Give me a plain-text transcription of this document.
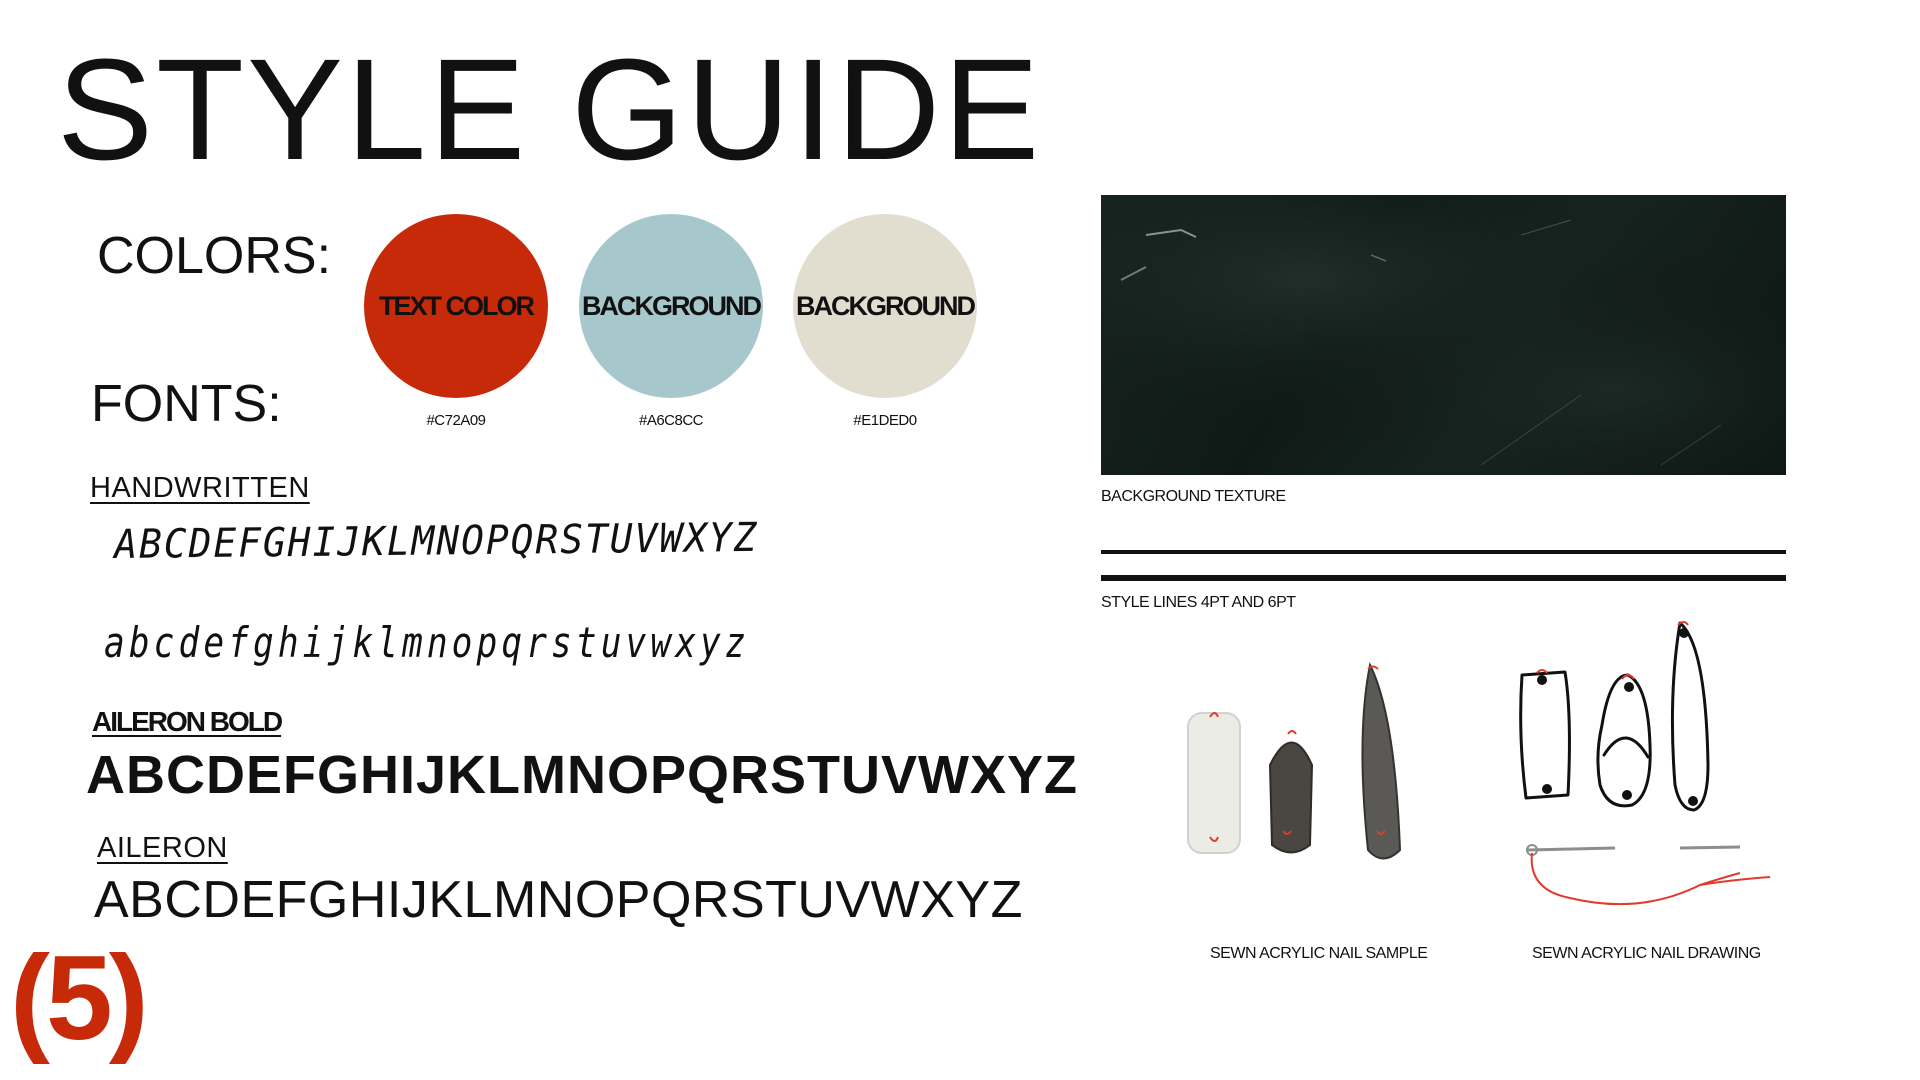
STYLE GUIDE
COLORS:
TEXT COLOR BACKGROUND BACKGROUND
#C72A09	#A6C8CC	#E1DED0
FONTS:
HANDWRITTEN
ABCDEFGHIJKLMNOPQRSTUVWXYZ
abcdefghijklmnopqrstuvwxyz
AILERON BOLD
ABCDEFGHIJKLMNOPQRSTUVWXYZ
AILERON
ABCDEFGHIJKLMNOPQRSTUVWXYZ
(5)
BACKGROUND TEXTURE
STYLE LINES 4PT AND 6PT
SEWN ACRYLIC NAIL SAMPLE	SEWN ACRYLIC NAIL DRAWING
